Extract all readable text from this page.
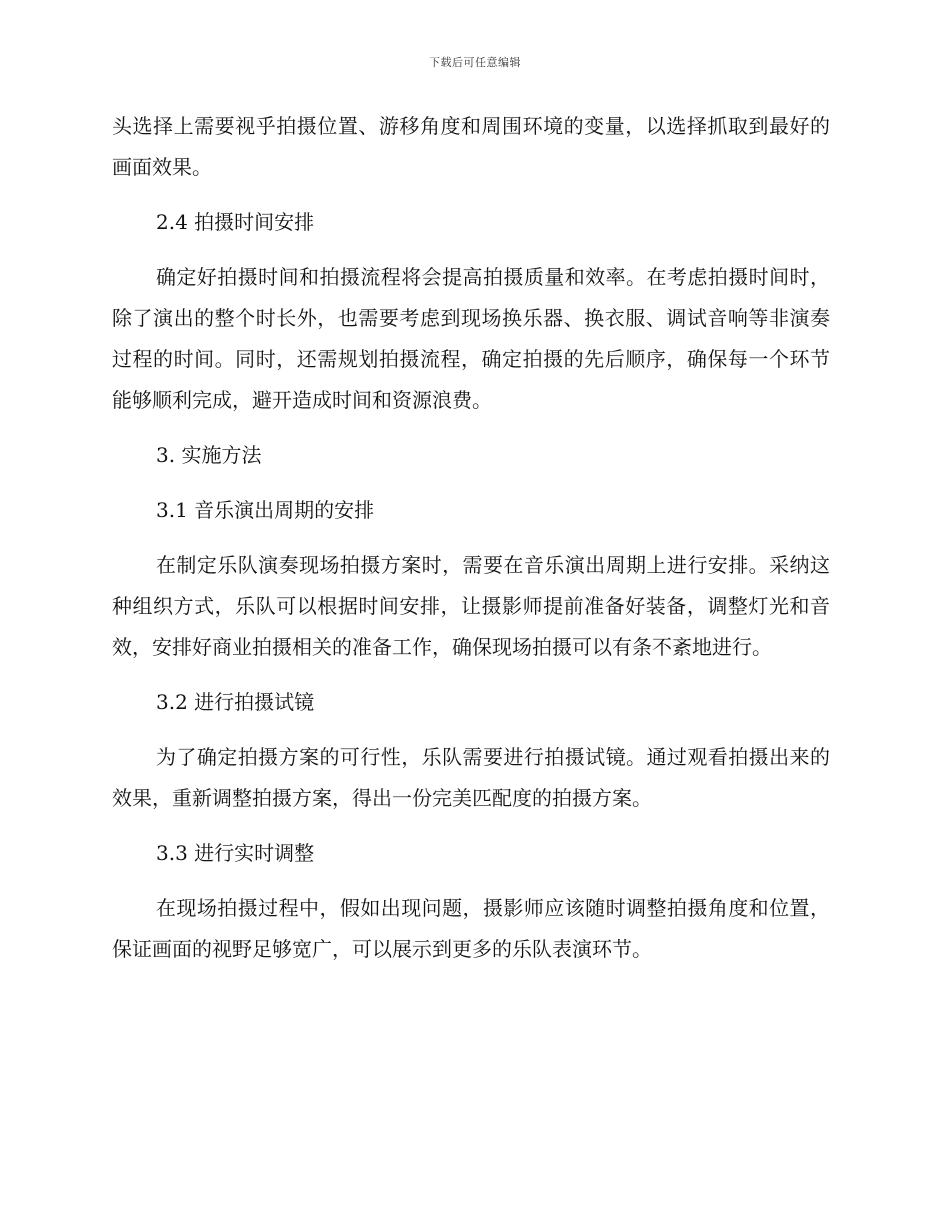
下载后可任意编辑

头选择上需要视乎拍摄位置、游移角度和周围环境的变量，以选择抓取到最好的画面效果。

2.4 拍摄时间安排

确定好拍摄时间和拍摄流程将会提高拍摄质量和效率。在考虑拍摄时间时，除了演出的整个时长外，也需要考虑到现场换乐器、换衣服、调试音响等非演奏过程的时间。同时，还需规划拍摄流程，确定拍摄的先后顺序，确保每一个环节能够顺利完成，避开造成时间和资源浪费。

3. 实施方法
3.1 音乐演出周期的安排

在制定乐队演奏现场拍摄方案时，需要在音乐演出周期上进行安排。采纳这种组织方式，乐队可以根据时间安排，让摄影师提前准备好装备，调整灯光和音效，安排好商业拍摄相关的准备工作，确保现场拍摄可以有条不紊地进行。

3.2 进行拍摄试镜

为了确定拍摄方案的可行性，乐队需要进行拍摄试镜。通过观看拍摄出来的效果，重新调整拍摄方案，得出一份完美匹配度的拍摄方案。

3.3 进行实时调整

在现场拍摄过程中，假如出现问题，摄影师应该随时调整拍摄角度和位置，保证画面的视野足够宽广，可以展示到更多的乐队表演环节。
